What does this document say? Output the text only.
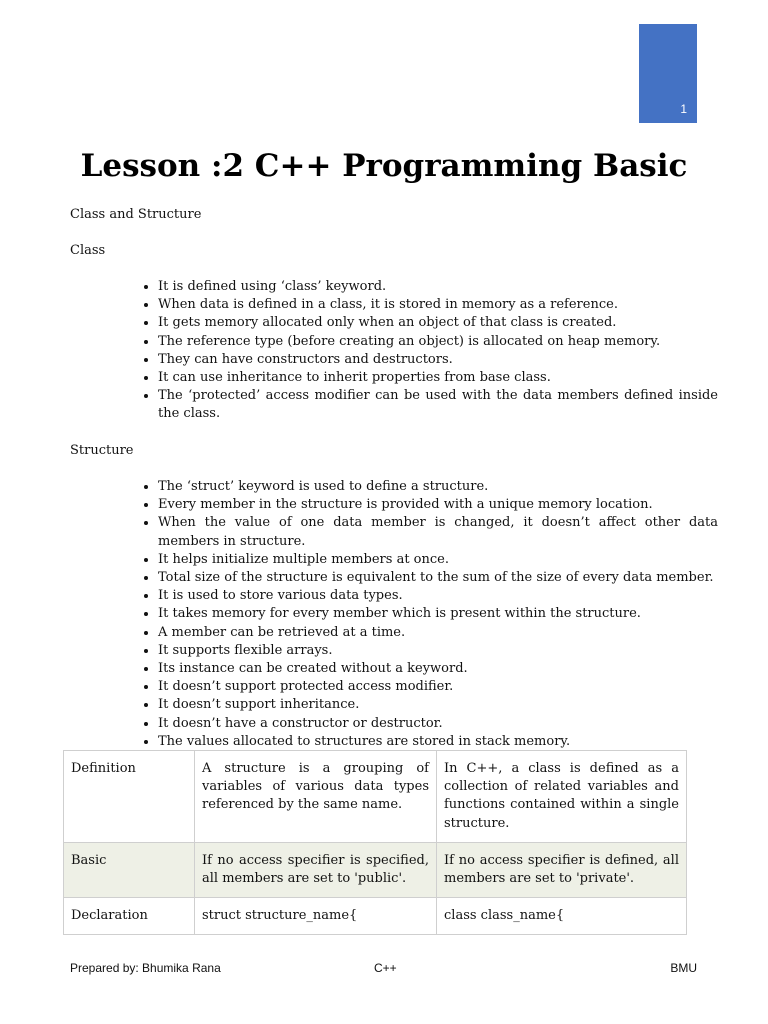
1
Lesson :2 C++ Programming Basic

Class and Structure

Class

• It is defined using ‘class’ keyword.
• When data is defined in a class, it is stored in memory as a reference.
• It gets memory allocated only when an object of that class is created.
• The reference type (before creating an object) is allocated on heap memory.
• They can have constructors and destructors.
• It can use inheritance to inherit properties from base class.
• The ‘protected’ access modifier can be used with the data members defined inside the class.

Structure

• The ‘struct’ keyword is used to define a structure.
• Every member in the structure is provided with a unique memory location.
• When the value of one data member is changed, it doesn’t affect other data members in structure.
• It helps initialize multiple members at once.
• Total size of the structure is equivalent to the sum of the size of every data member.
• It is used to store various data types.
• It takes memory for every member which is present within the structure.
• A member can be retrieved at a time.
• It supports flexible arrays.
• Its instance can be created without a keyword.
• It doesn’t support protected access modifier.
• It doesn’t support inheritance.
• It doesn’t have a constructor or destructor.
• The values allocated to structures are stored in stack memory.
Definition	A structure is a grouping of variables of various data types referenced by the same name.	In C++, a class is defined as a collection of related variables and functions contained within a single structure.
Basic	If no access specifier is specified, all members are set to 'public'.	If no access specifier is defined, all members are set to 'private'.
Declaration	struct structure_name{	class class_name{
Prepared by: Bhumika Rana	C++	BMU
